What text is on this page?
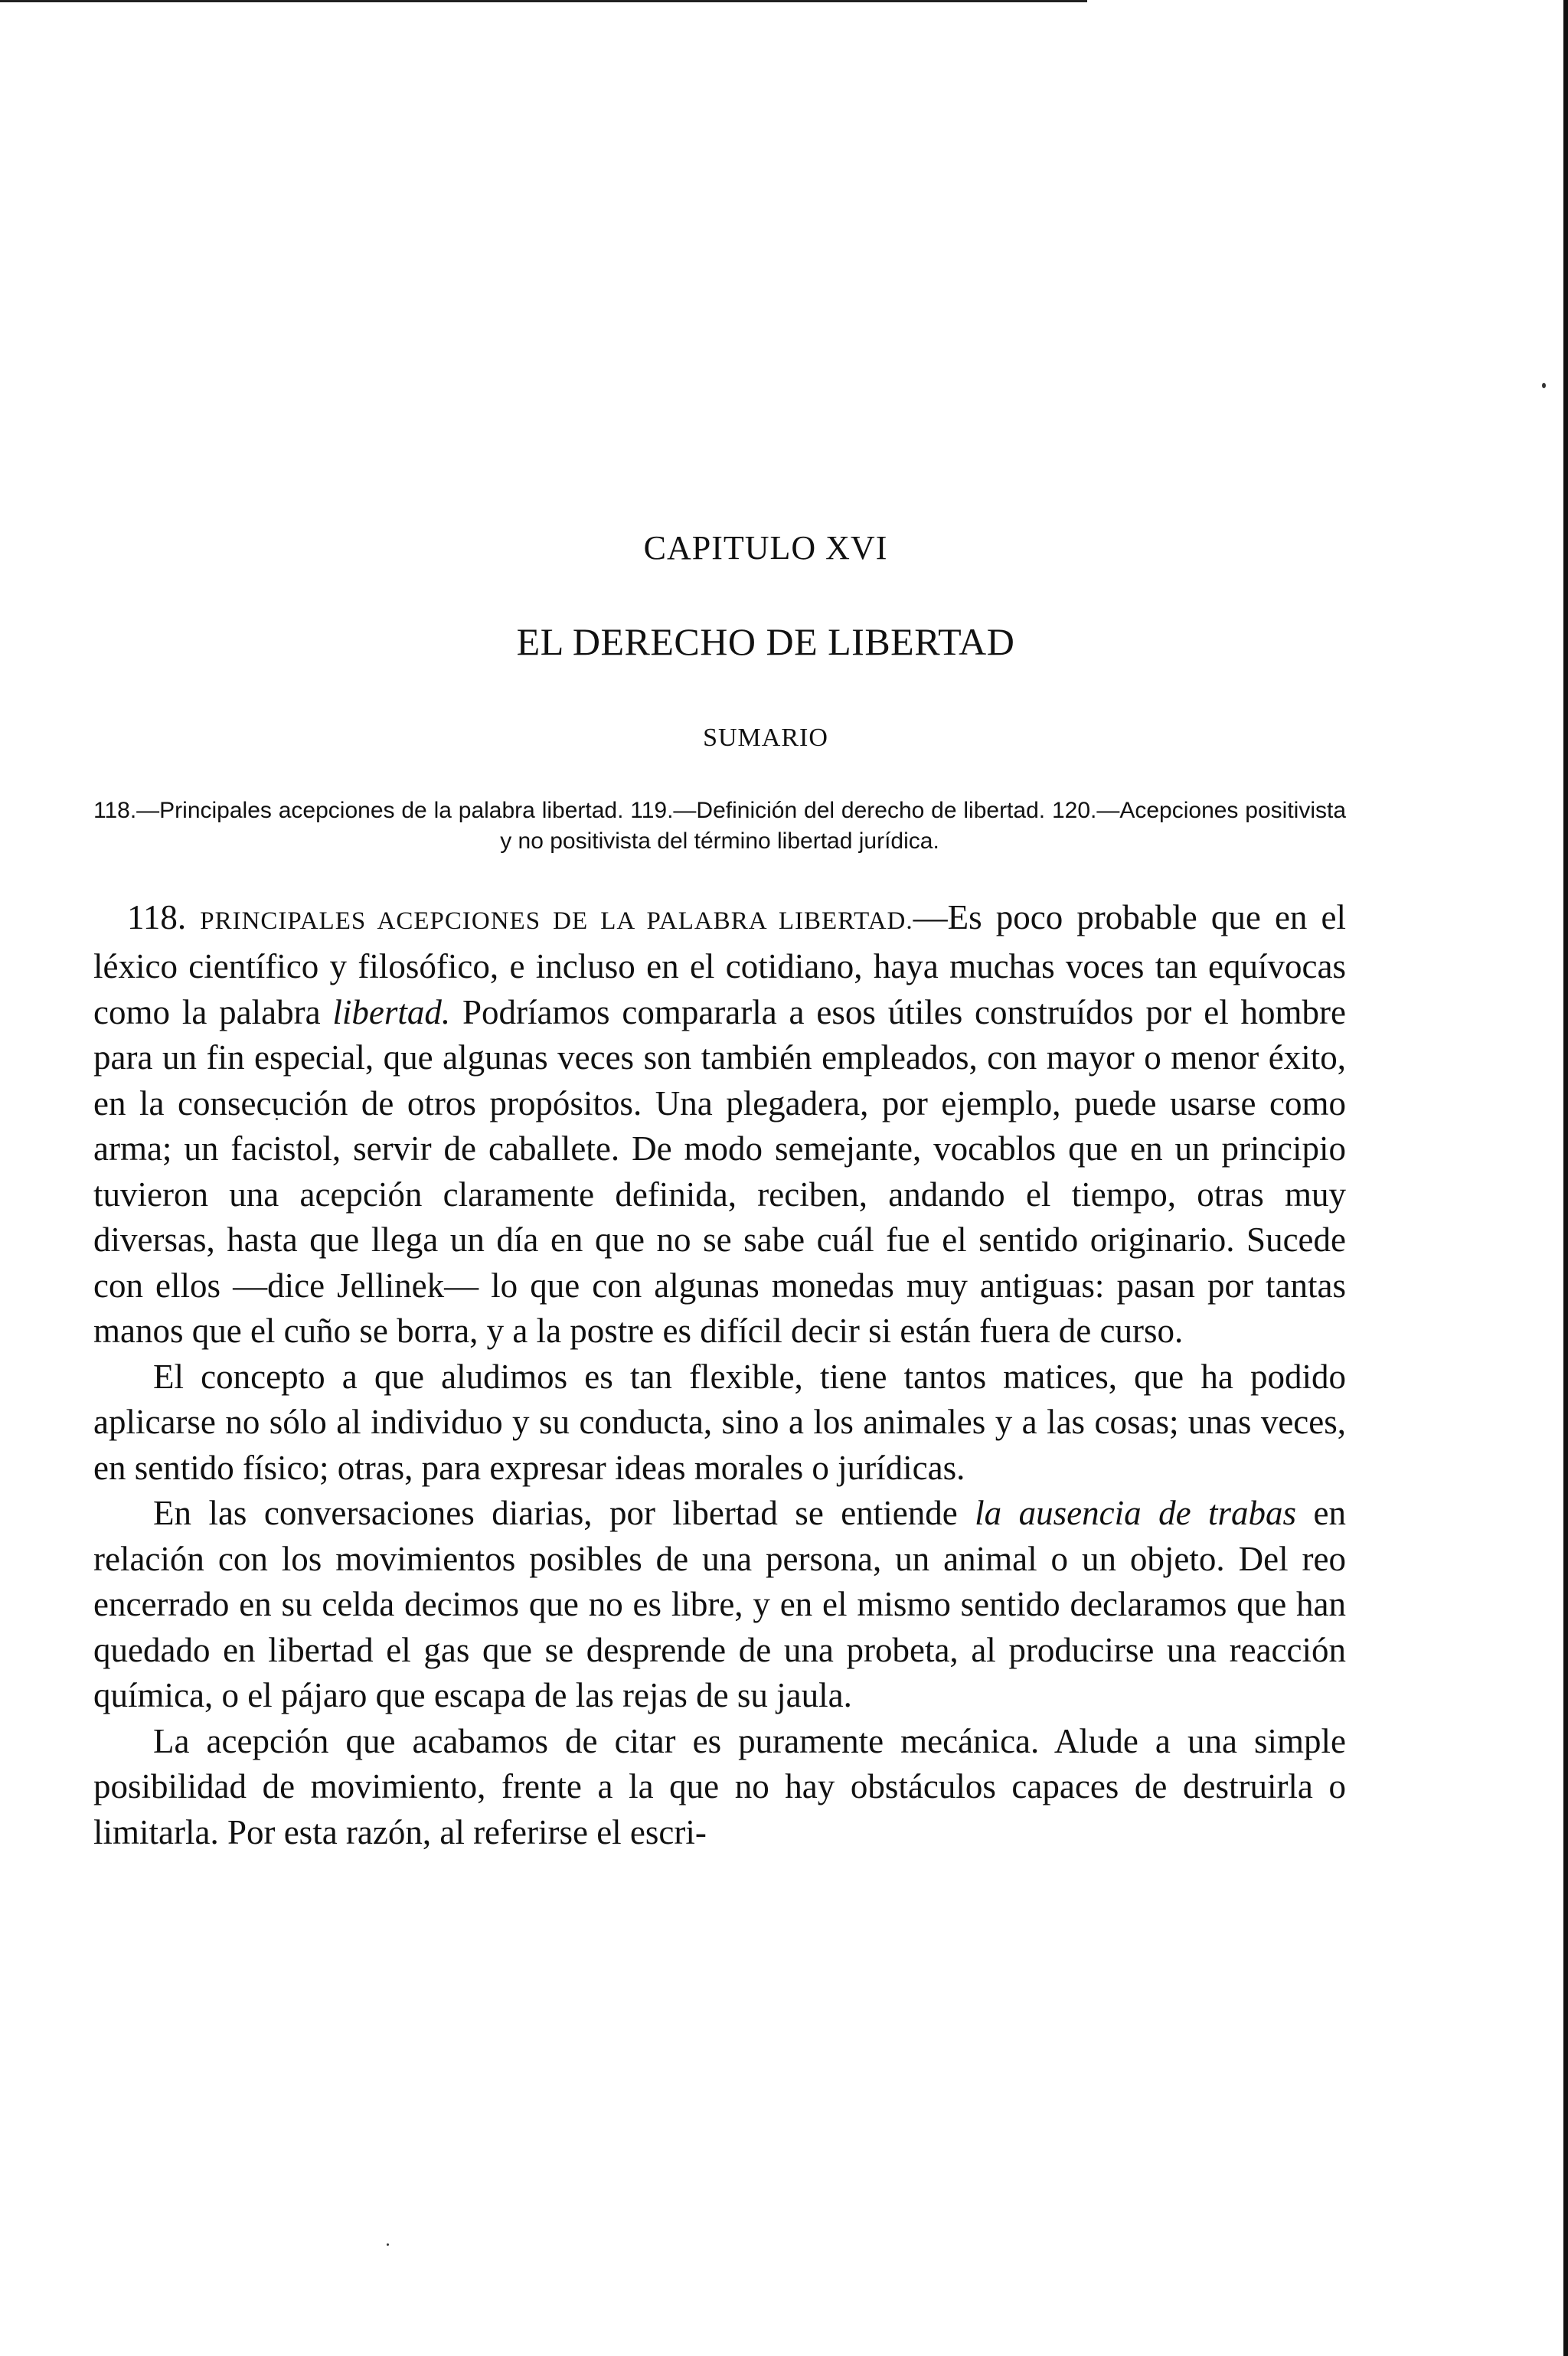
CAPITULO XVI
EL DERECHO DE LIBERTAD
SUMARIO
118.—Principales acepciones de la palabra libertad. 119.—Definición del derecho de libertad. 120.—Acepciones positivista y no positivista del término libertad jurídica.

118. PRINCIPALES ACEPCIONES DE LA PALABRA LIBERTAD.—Es poco probable que en el léxico científico y filosófico, e incluso en el cotidiano, haya muchas voces tan equívocas como la palabra libertad. Podríamos compararla a esos útiles construídos por el hombre para un fin especial, que algunas veces son también empleados, con mayor o menor éxito, en la consecución de otros propósitos. Una plegadera, por ejemplo, puede usarse como arma; un facistol, servir de caballete. De modo semejante, vocablos que en un principio tuvieron una acepción claramente definida, reciben, andando el tiempo, otras muy diversas, hasta que llega un día en que no se sabe cuál fue el sentido originario. Sucede con ellos —dice Jellinek— lo que con algunas monedas muy antiguas: pasan por tantas manos que el cuño se borra, y a la postre es difícil decir si están fuera de curso.

El concepto a que aludimos es tan flexible, tiene tantos matices, que ha podido aplicarse no sólo al individuo y su conducta, sino a los animales y a las cosas; unas veces, en sentido físico; otras, para expresar ideas morales o jurídicas.

En las conversaciones diarias, por libertad se entiende la ausencia de trabas en relación con los movimientos posibles de una persona, un animal o un objeto. Del reo encerrado en su celda decimos que no es libre, y en el mismo sentido declaramos que han quedado en libertad el gas que se desprende de una probeta, al producirse una reacción química, o el pájaro que escapa de las rejas de su jaula.

La acepción que acabamos de citar es puramente mecánica. Alude a una simple posibilidad de movimiento, frente a la que no hay obstáculos capaces de destruirla o limitarla. Por esta razón, al referirse el escri-
